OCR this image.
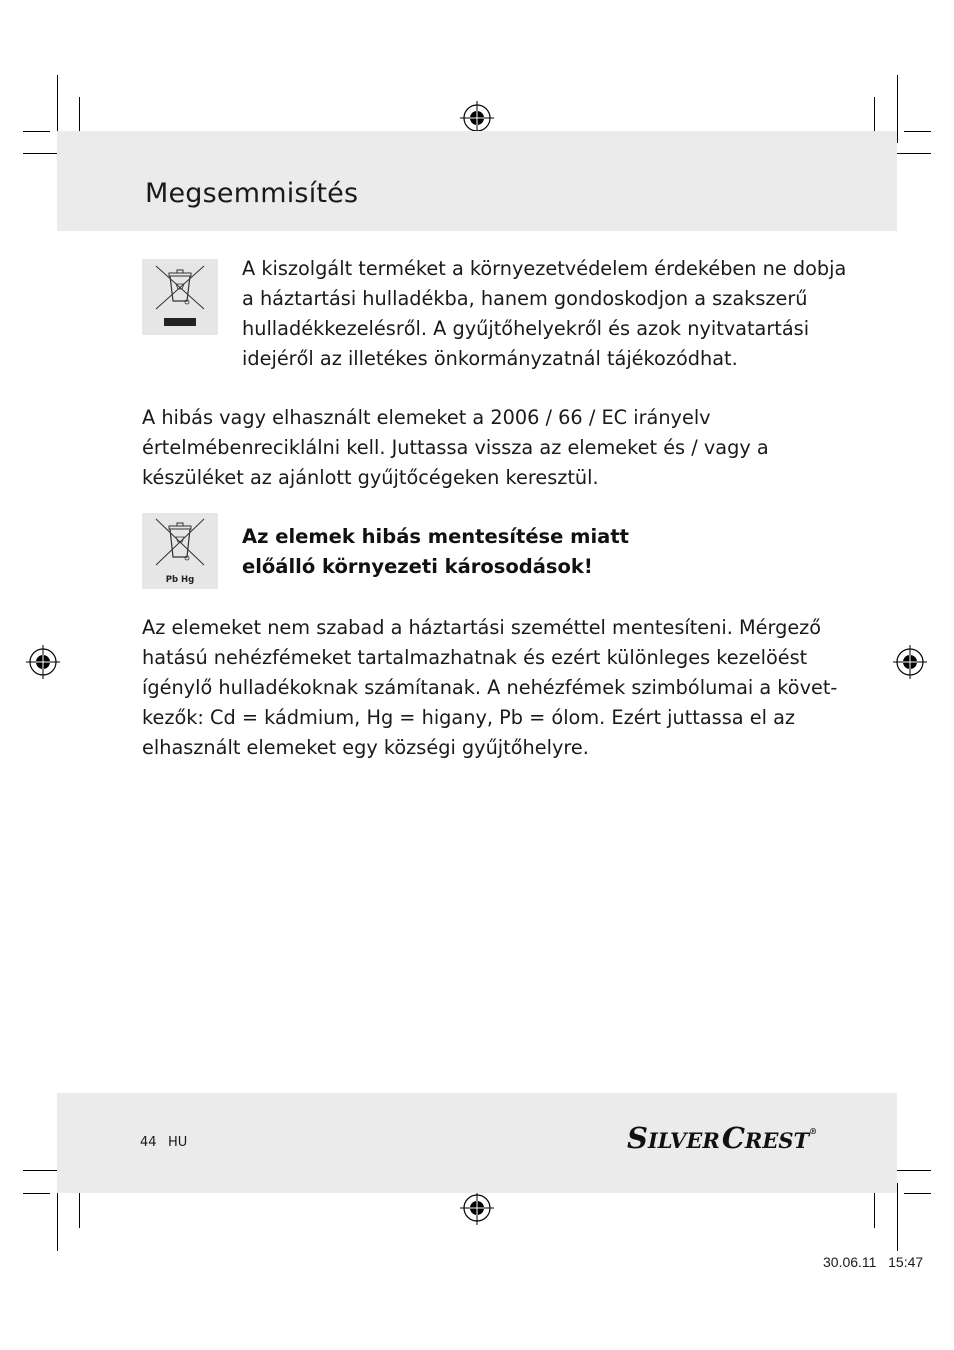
Megsemmisítés

A kiszolgált terméket a környezetvédelem érdekében ne dobja
a háztartási hulladékba, hanem gondoskodjon a szakszerű
hulladékkezelésről. A gyűjtőhelyekről és azok nyitvatartási
idejéről az illetékes önkormányzatnál tájékozódhat.

A hibás vagy elhasznált elemeket a 2006 / 66 / EC irányelv
értelmébenreciklálni kell. Juttassa vissza az elemeket és / vagy a
készüléket az ajánlott gyűjtőcégeken keresztül.

Pb Hg

Az elemek hibás mentesítése miatt
előálló környezeti károsodások!

Az elemeket nem szabad a háztartási szeméttel mentesíteni. Mérgező
hatású nehézfémeket tartalmazhatnak és ezért különleges kezelöést
ígénylő hulladékoknak számítanak. A nehézfémek szimbólumai a követ-
kezők: Cd = kádmium, Hg = higany, Pb = ólom. Ezért juttassa el az
elhasznált elemeket egy községi gyűjtőhelyre.

44 HU	SILVERCREST®
30.06.11 15:47
